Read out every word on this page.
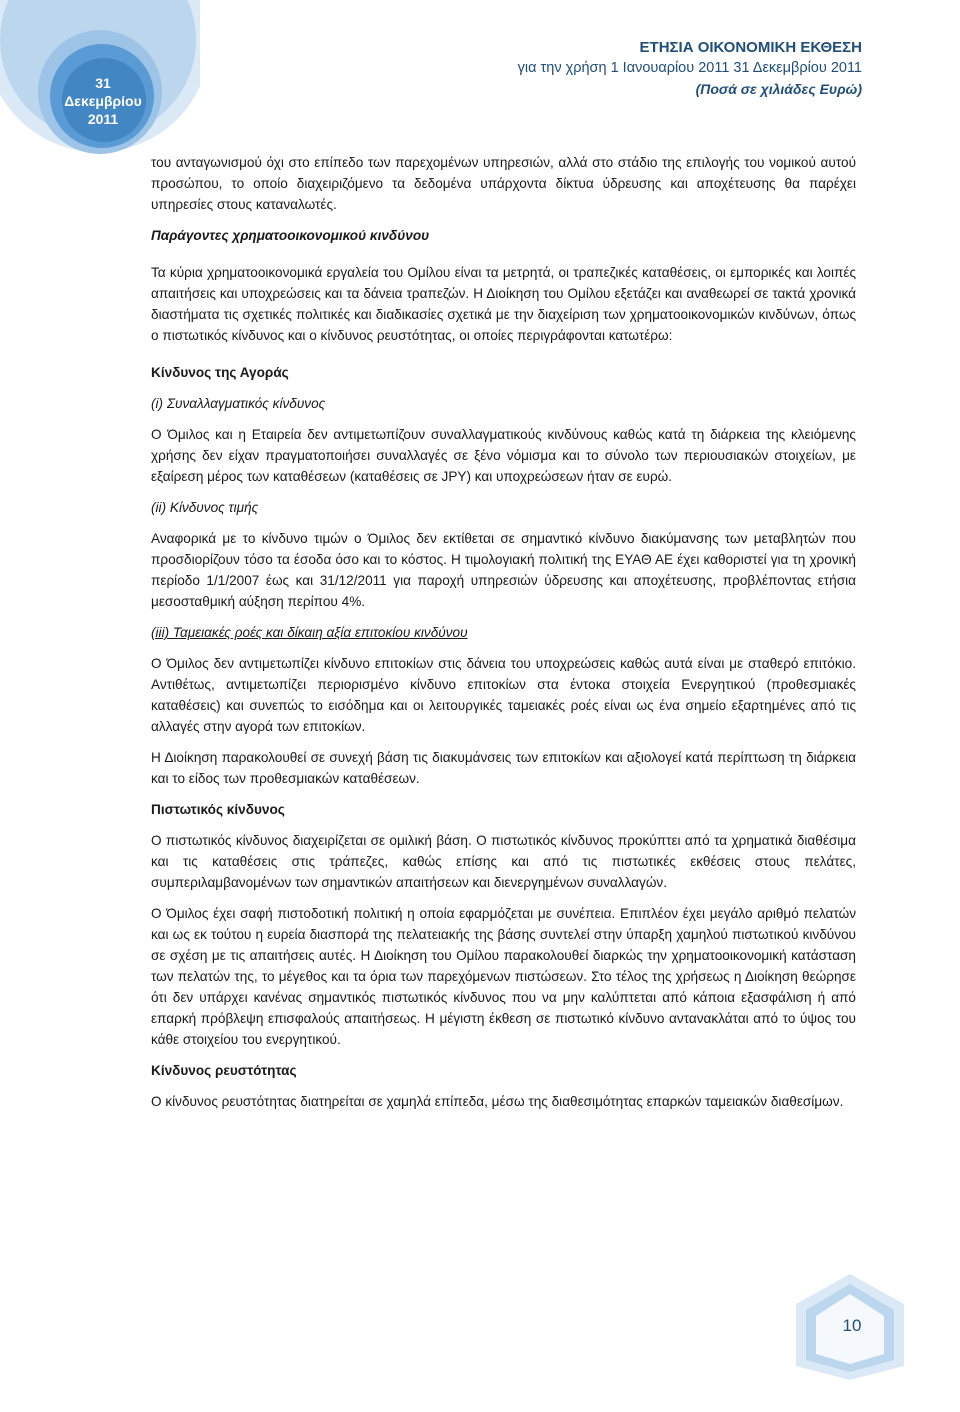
31
Δεκεμβρίου
2011
ΕΤΗΣΙΑ ΟΙΚΟΝΟΜΙΚΗ ΕΚΘΕΣΗ
για την χρήση 1 Ιανουαρίου 2011 31 Δεκεμβρίου 2011
(Ποσά σε χιλιάδες Ευρώ)

του ανταγωνισμού όχι στο επίπεδο των παρεχομένων υπηρεσιών, αλλά στο στάδιο της επιλογής του νομικού αυτού προσώπου, το οποίο διαχειριζόμενο τα δεδομένα υπάρχοντα δίκτυα ύδρευσης και αποχέτευσης θα παρέχει υπηρεσίες στους καταναλωτές.

Παράγοντες χρηματοοικονομικού κινδύνου

Τα κύρια χρηματοοικονομικά εργαλεία του Ομίλου είναι τα μετρητά, οι τραπεζικές καταθέσεις, οι εμπορικές και λοιπές απαιτήσεις και υποχρεώσεις και τα δάνεια τραπεζών. Η Διοίκηση του Ομίλου εξετάζει και αναθεωρεί σε τακτά χρονικά διαστήματα τις σχετικές πολιτικές και διαδικασίες σχετικά με την διαχείριση των χρηματοοικονομικών κινδύνων, όπως ο πιστωτικός κίνδυνος και ο κίνδυνος ρευστότητας, οι οποίες περιγράφονται κατωτέρω:

Κίνδυνος της Αγοράς

(i) Συναλλαγματικός κίνδυνος

Ο Όμιλος και η Εταιρεία δεν αντιμετωπίζουν συναλλαγματικούς κινδύνους καθώς κατά τη διάρκεια της κλειόμενης χρήσης δεν είχαν πραγματοποιήσει συναλλαγές σε ξένο νόμισμα και το σύνολο των περιουσιακών στοιχείων, με εξαίρεση μέρος των καταθέσεων (καταθέσεις σε JPY) και υποχρεώσεων ήταν σε ευρώ.

(ii) Κίνδυνος τιμής

Αναφορικά με το κίνδυνο τιμών ο Όμιλος δεν εκτίθεται σε σημαντικό κίνδυνο διακύμανσης των μεταβλητών που προσδιορίζουν τόσο τα έσοδα όσο και το κόστος. Η τιμολογιακή πολιτική της ΕΥΑΘ ΑΕ έχει καθοριστεί για τη χρονική περίοδο 1/1/2007 έως και 31/12/2011 για παροχή υπηρεσιών ύδρευσης και αποχέτευσης, προβλέποντας ετήσια μεσοσταθμική αύξηση περίπου 4%.

(iii) Ταμειακές ροές και δίκαιη αξία επιτοκίου κινδύνου

Ο Όμιλος δεν αντιμετωπίζει κίνδυνο επιτοκίων στις δάνεια του υποχρεώσεις καθώς αυτά είναι με σταθερό επιτόκιο. Αντιθέτως, αντιμετωπίζει περιορισμένο κίνδυνο επιτοκίων στα έντοκα στοιχεία Ενεργητικού (προθεσμιακές καταθέσεις) και συνεπώς το εισόδημα και οι λειτουργικές ταμειακές ροές είναι ως ένα σημείο εξαρτημένες από τις αλλαγές στην αγορά των επιτοκίων.

Η Διοίκηση παρακολουθεί σε συνεχή βάση τις διακυμάνσεις των επιτοκίων και αξιολογεί κατά περίπτωση τη διάρκεια και το είδος των προθεσμιακών καταθέσεων.

Πιστωτικός κίνδυνος

Ο πιστωτικός κίνδυνος διαχειρίζεται σε ομιλική βάση. Ο πιστωτικός κίνδυνος προκύπτει από τα χρηματικά διαθέσιμα και τις καταθέσεις στις τράπεζες, καθώς επίσης και από τις πιστωτικές εκθέσεις στους πελάτες, συμπεριλαμβανομένων των σημαντικών απαιτήσεων και διενεργημένων συναλλαγών.

Ο Όμιλος έχει σαφή πιστοδοτική πολιτική η οποία εφαρμόζεται με συνέπεια. Επιπλέον έχει μεγάλο αριθμό πελατών και ως εκ τούτου η ευρεία διασπορά της πελατειακής της βάσης συντελεί στην ύπαρξη χαμηλού πιστωτικού κινδύνου σε σχέση με τις απαιτήσεις αυτές. Η Διοίκηση του Ομίλου παρακολουθεί διαρκώς την χρηματοοικονομική κατάσταση των πελατών της, το μέγεθος και τα όρια των παρεχόμενων πιστώσεων. Στο τέλος της χρήσεως η Διοίκηση θεώρησε ότι δεν υπάρχει κανένας σημαντικός πιστωτικός κίνδυνος που να μην καλύπτεται από κάποια εξασφάλιση ή από επαρκή πρόβλεψη επισφαλούς απαιτήσεως. Η μέγιστη έκθεση σε πιστωτικό κίνδυνο αντανακλάται από το ύψος του κάθε στοιχείου του ενεργητικού.

Κίνδυνος ρευστότητας

Ο κίνδυνος ρευστότητας διατηρείται σε χαμηλά επίπεδα, μέσω της διαθεσιμότητας επαρκών ταμειακών διαθεσίμων.

10
